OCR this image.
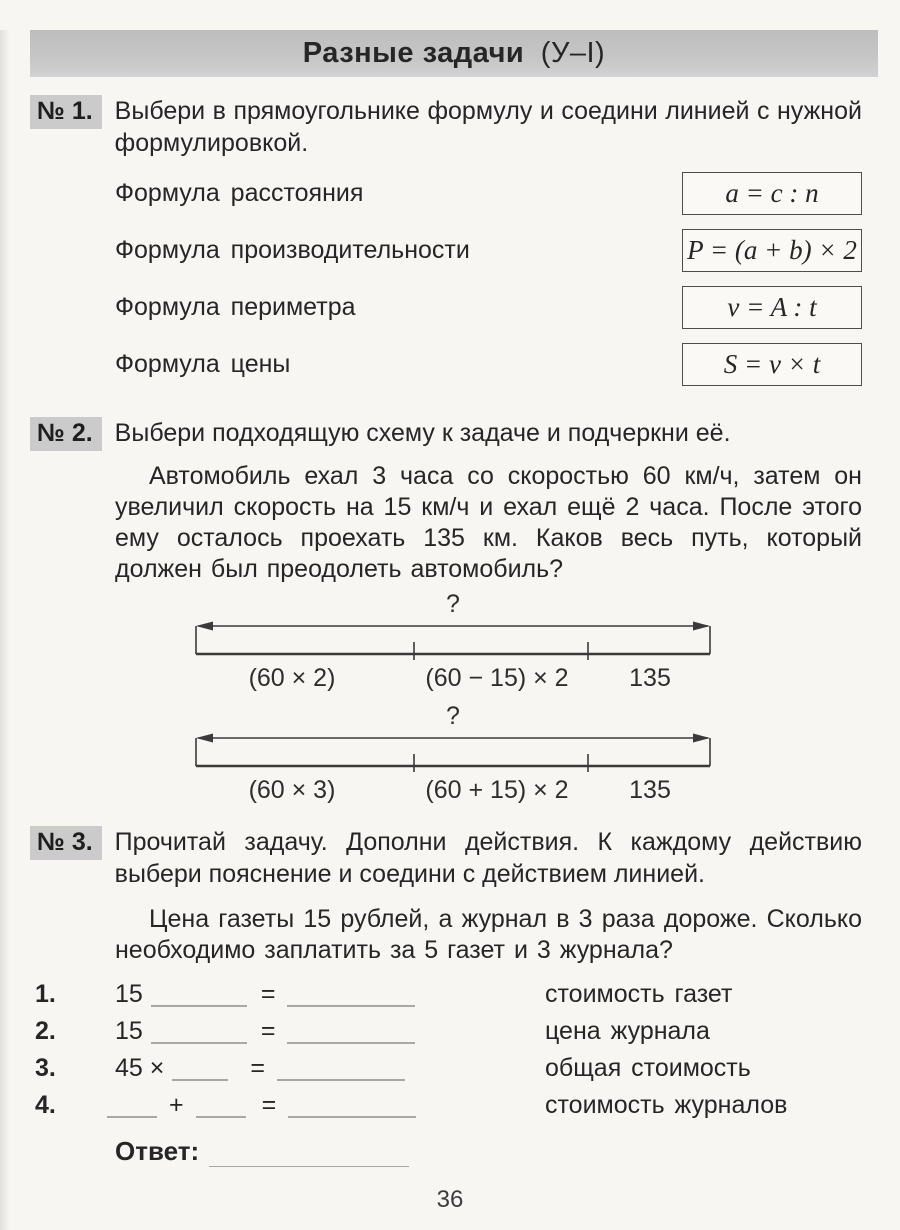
Разные задачи (У–I)
№ 1. Выбери в прямоугольнике формулу и соедини линией с нужной формулировкой.
Формула расстояния	a = c : n
Формула производительности	P = (a + b) × 2
Формула периметра	v = A : t
Формула цены	S = v × t
№ 2. Выбери подходящую схему к задаче и подчеркни её.
Автомобиль ехал 3 часа со скоростью 60 км/ч, затем он увеличил скорость на 15 км/ч и ехал ещё 2 часа. После этого ему осталось проехать 135 км. Каков весь путь, который должен был преодолеть автомобиль?
?
(60 × 2)	(60 − 15) × 2 135
?
(60 × 3)	(60 + 15) × 2 135
№ 3. Прочитай задачу. Дополни действия. К каждому действию выбери пояснение и соедини с действием линией.
Цена газеты 15 рублей, а журнал в 3 раза дороже. Сколько необходимо заплатить за 5 газет и 3 журнала?
1.	15	=	стоимость газет
2.	15	=	цена журнала
3.	45 ×	=	общая стоимость
4.	+	=	стоимость журналов
Ответ:
36
